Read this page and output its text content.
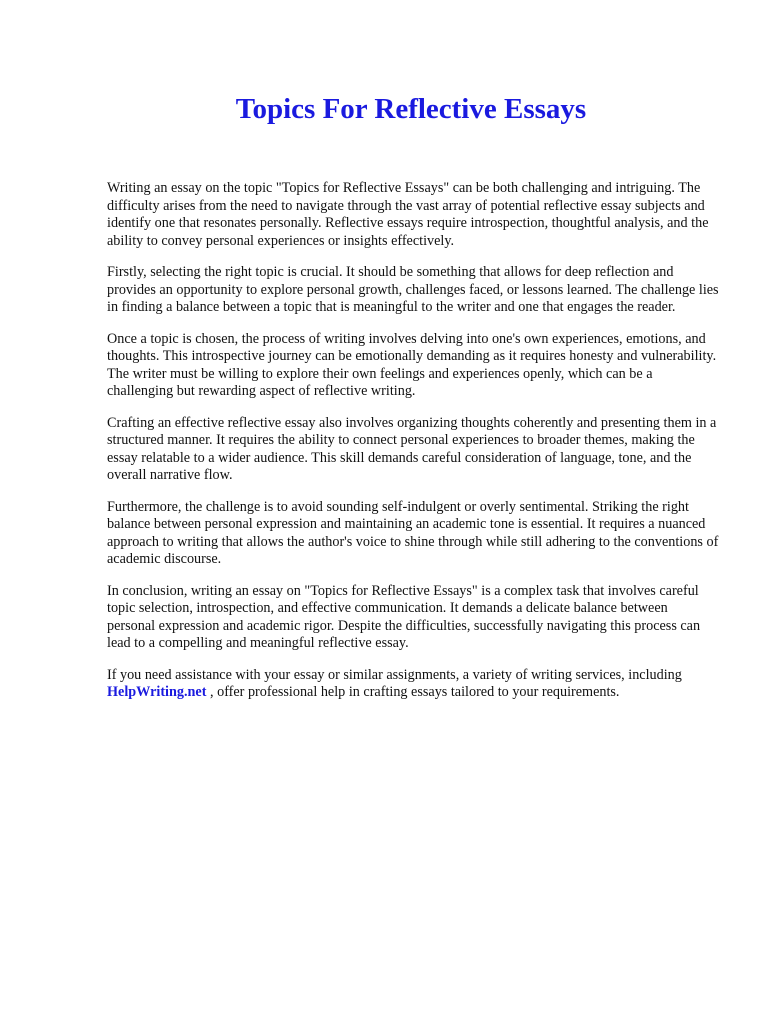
Topics For Reflective Essays

Writing an essay on the topic "Topics for Reflective Essays" can be both challenging and intriguing. The difficulty arises from the need to navigate through the vast array of potential reflective essay subjects and identify one that resonates personally. Reflective essays require introspection, thoughtful analysis, and the ability to convey personal experiences or insights effectively.

Firstly, selecting the right topic is crucial. It should be something that allows for deep reflection and provides an opportunity to explore personal growth, challenges faced, or lessons learned. The challenge lies in finding a balance between a topic that is meaningful to the writer and one that engages the reader.

Once a topic is chosen, the process of writing involves delving into one's own experiences, emotions, and thoughts. This introspective journey can be emotionally demanding as it requires honesty and vulnerability. The writer must be willing to explore their own feelings and experiences openly, which can be a challenging but rewarding aspect of reflective writing.

Crafting an effective reflective essay also involves organizing thoughts coherently and presenting them in a structured manner. It requires the ability to connect personal experiences to broader themes, making the essay relatable to a wider audience. This skill demands careful consideration of language, tone, and the overall narrative flow.

Furthermore, the challenge is to avoid sounding self-indulgent or overly sentimental. Striking the right balance between personal expression and maintaining an academic tone is essential. It requires a nuanced approach to writing that allows the author's voice to shine through while still adhering to the conventions of academic discourse.

In conclusion, writing an essay on "Topics for Reflective Essays" is a complex task that involves careful topic selection, introspection, and effective communication. It demands a delicate balance between personal expression and academic rigor. Despite the difficulties, successfully navigating this process can lead to a compelling and meaningful reflective essay.

If you need assistance with your essay or similar assignments, a variety of writing services, including HelpWriting.net , offer professional help in crafting essays tailored to your requirements.
